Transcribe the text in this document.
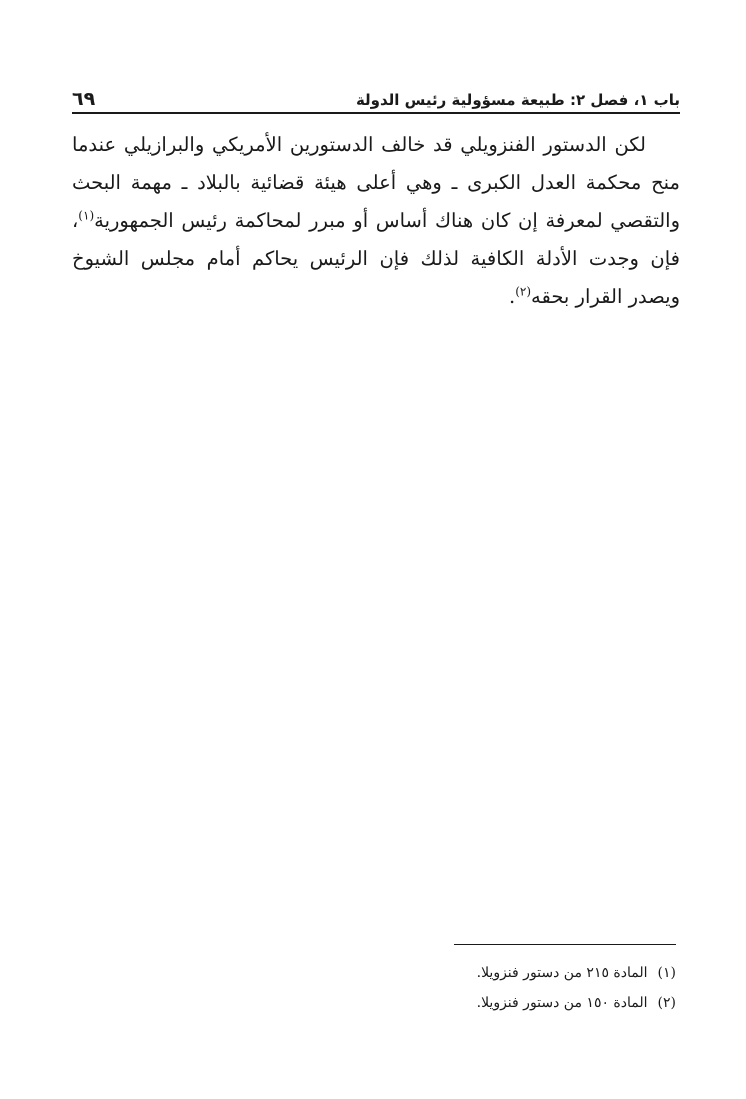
باب ١، فصل ٢: طبيعة مسؤولية رئيس الدولة
٦٩

لكن الدستور الفنزويلي قد خالف الدستورين الأمريكي والبرازيلي عندما منح محكمة العدل الكبرى ـ وهي أعلى هيئة قضائية بالبلاد ـ مهمة البحث والتقصي لمعرفة إن كان هناك أساس أو مبرر لمحاكمة رئيس الجمهورية$^{(١)}$، فإن وجدت الأدلة الكافية لذلك فإن الرئيس يحاكم أمام مجلس الشيوخ ويصدر القرار بحقه$^{(٢)}$.

(١)
المادة ٢١٥ من دستور فنزويلا.
(٢)
المادة ١٥٠ من دستور فنزويلا.
